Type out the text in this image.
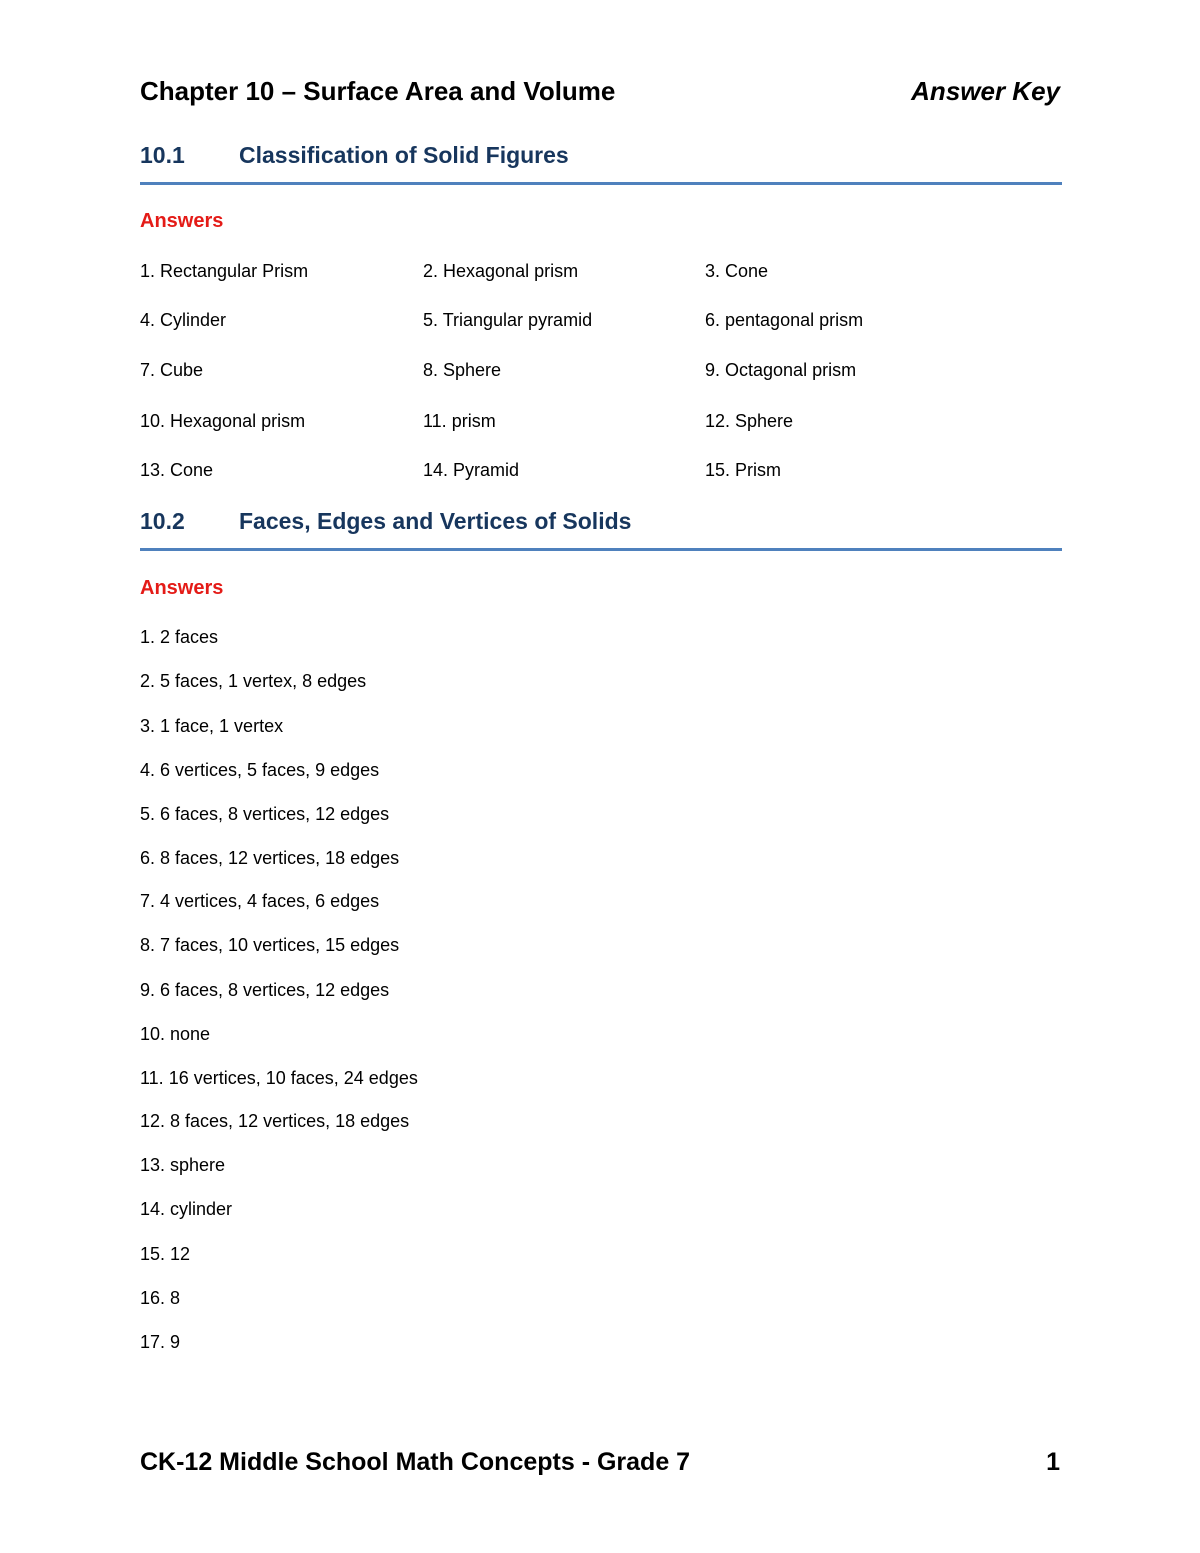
Chapter 10 – Surface Area and Volume	Answer Key
10.1 Classification of Solid Figures
Answers
1. Rectangular Prism	2. Hexagonal prism	3. Cone
4. Cylinder	5. Triangular pyramid	6. pentagonal prism
7. Cube	8. Sphere	9. Octagonal prism
10. Hexagonal prism	11. prism	12. Sphere
13. Cone	14. Pyramid	15. Prism
10.2 Faces, Edges and Vertices of Solids
Answers
1. 2 faces
2. 5 faces, 1 vertex, 8 edges
3. 1 face, 1 vertex
4. 6 vertices, 5 faces, 9 edges
5. 6 faces, 8 vertices, 12 edges
6. 8 faces, 12 vertices, 18 edges
7. 4 vertices, 4 faces, 6 edges
8. 7 faces, 10 vertices, 15 edges
9. 6 faces, 8 vertices, 12 edges
10. none
11. 16 vertices, 10 faces, 24 edges
12. 8 faces, 12 vertices, 18 edges
13. sphere
14. cylinder
15. 12
16. 8
17. 9
CK-12 Middle School Math Concepts - Grade 7	1
